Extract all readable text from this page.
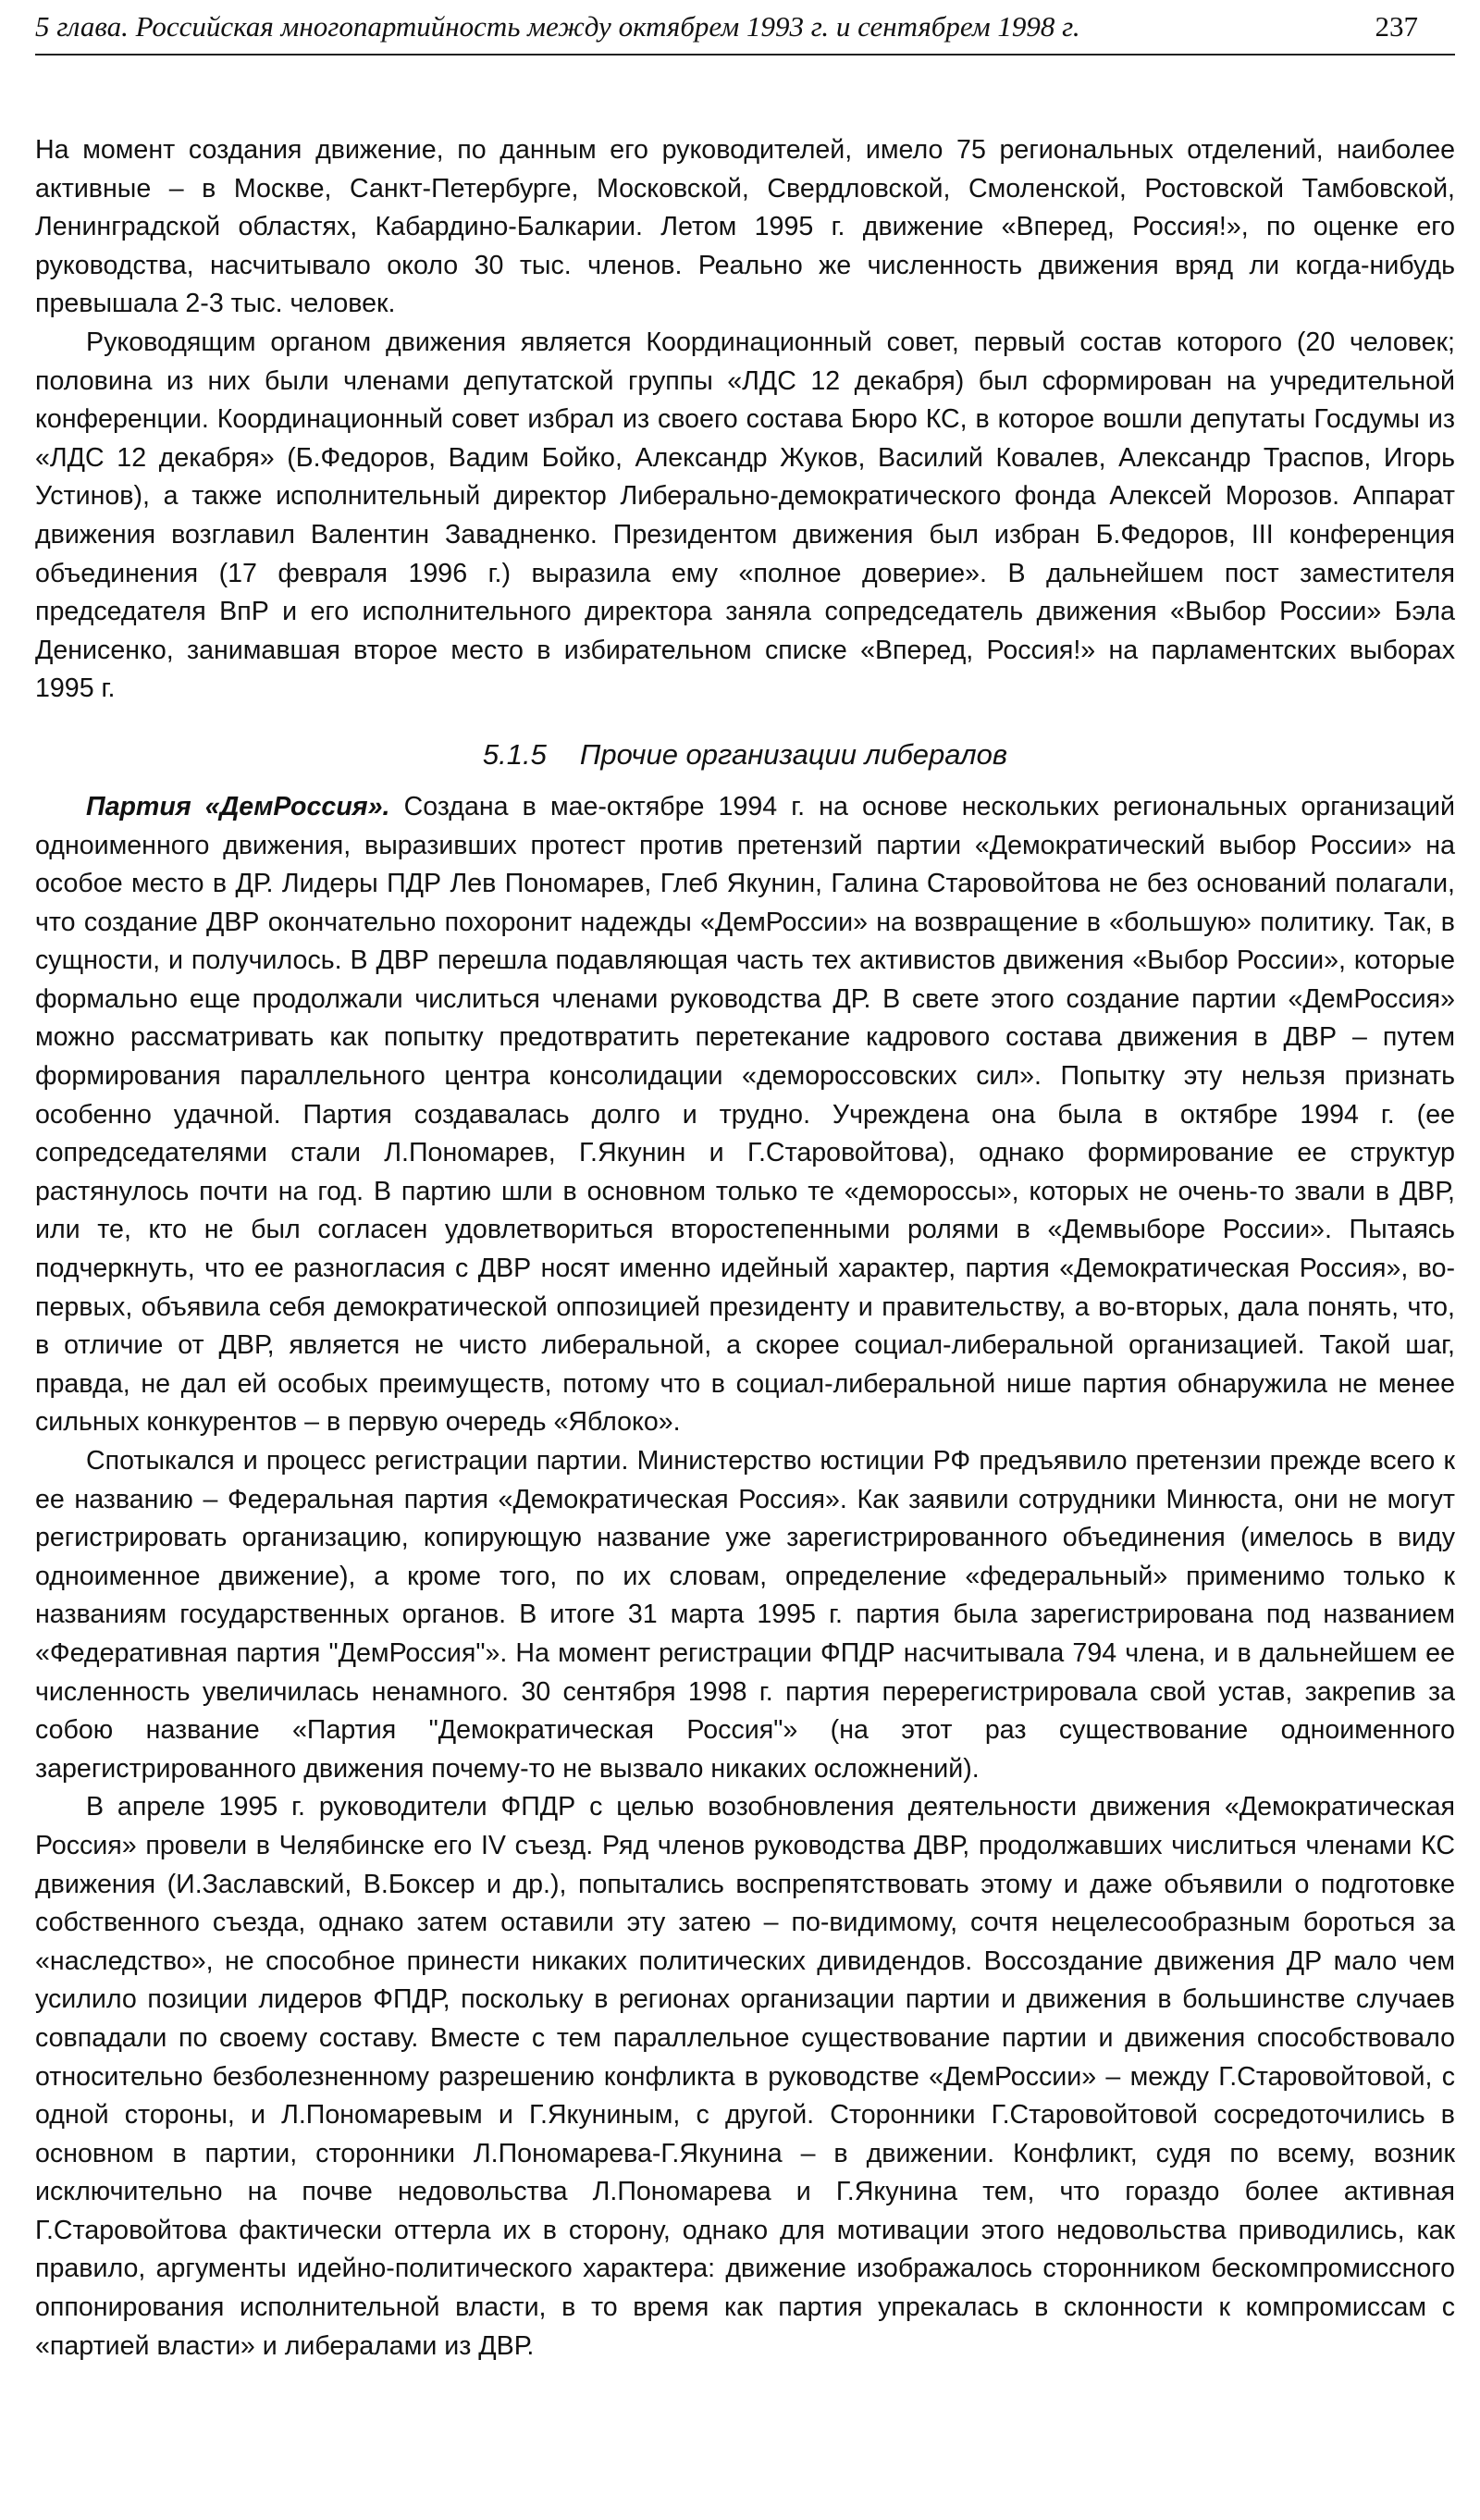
5 глава. Российская многопартийность между октябрем 1993 г. и сентябрем 1998 г.	237

На момент создания движение, по данным его руководителей, имело 75 региональных отделений, наиболее активные – в Москве, Санкт-Петербурге, Московской, Свердловской, Смоленской, Ростовской Тамбовской, Ленинградской областях, Кабардино-Балкарии. Летом 1995 г. движение «Вперед, Россия!», по оценке его руководства, насчитывало около 30 тыс. членов. Реально же численность движения вряд ли когда-нибудь превышала 2-3 тыс. человек.

Руководящим органом движения является Координационный совет, первый состав которого (20 человек; половина из них были членами депутатской группы «ЛДС 12 декабря) был сформирован на учредительной конференции. Координационный совет избрал из своего состава Бюро КС, в которое вошли депутаты Госдумы из «ЛДС 12 декабря» (Б.Федоров, Вадим Бойко, Александр Жуков, Василий Ковалев, Александр Траспов, Игорь Устинов), а также исполнительный директор Либерально-демократического фонда Алексей Морозов. Аппарат движения возглавил Валентин Завадненко. Президентом движения был избран Б.Федоров, III конференция объединения (17 февраля 1996 г.) выразила ему «полное доверие». В дальнейшем пост заместителя председателя ВпР и его исполнительного директора заняла сопредседатель движения «Выбор России» Бэла Денисенко, занимавшая второе место в избирательном списке «Вперед, Россия!» на парламентских выборах 1995 г.

5.1.5 Прочие организации либералов

Партия «ДемРоссия». Создана в мае-октябре 1994 г. на основе нескольких региональных организаций одноименного движения, выразивших протест против претензий партии «Демократический выбор России» на особое место в ДР. Лидеры ПДР Лев Пономарев, Глеб Якунин, Галина Старовойтова не без оснований полагали, что создание ДВР окончательно похоронит надежды «ДемРоссии» на возвращение в «большую» политику. Так, в сущности, и получилось. В ДВР перешла подавляющая часть тех активистов движения «Выбор России», которые формально еще продолжали числиться членами руководства ДР. В свете этого создание партии «ДемРоссия» можно рассматривать как попытку предотвратить перетекание кадрового состава движения в ДВР – путем формирования параллельного центра консолидации «демороссовских сил». Попытку эту нельзя признать особенно удачной. Партия создавалась долго и трудно. Учреждена она была в октябре 1994 г. (ее сопредседателями стали Л.Пономарев, Г.Якунин и Г.Старовойтова), однако формирование ее структур растянулось почти на год. В партию шли в основном только те «демороссы», которых не очень-то звали в ДВР, или те, кто не был согласен удовлетвориться второстепенными ролями в «Демвыборе России». Пытаясь подчеркнуть, что ее разногласия с ДВР носят именно идейный характер, партия «Демократическая Россия», во-первых, объявила себя демократической оппозицией президенту и правительству, а во-вторых, дала понять, что, в отличие от ДВР, является не чисто либеральной, а скорее социал-либеральной организацией. Такой шаг, правда, не дал ей особых преимуществ, потому что в социал-либеральной нише партия обнаружила не менее сильных конкурентов – в первую очередь «Яблоко».

Спотыкался и процесс регистрации партии. Министерство юстиции РФ предъявило претензии прежде всего к ее названию – Федеральная партия «Демократическая Россия». Как заявили сотрудники Минюста, они не могут регистрировать организацию, копирующую название уже зарегистрированного объединения (имелось в виду одноименное движение), а кроме того, по их словам, определение «федеральный» применимо только к названиям государственных органов. В итоге 31 марта 1995 г. партия была зарегистрирована под названием «Федеративная партия "ДемРоссия"». На момент регистрации ФПДР насчитывала 794 члена, и в дальнейшем ее численность увеличилась ненамного. 30 сентября 1998 г. партия перерегистрировала свой устав, закрепив за собою название «Партия "Демократическая Россия"» (на этот раз существование одноименного зарегистрированного движения почему-то не вызвало никаких осложнений).

В апреле 1995 г. руководители ФПДР с целью возобновления деятельности движения «Демократическая Россия» провели в Челябинске его IV съезд. Ряд членов руководства ДВР, продолжавших числиться членами КС движения (И.Заславский, В.Боксер и др.), попытались воспрепятствовать этому и даже объявили о подготовке собственного съезда, однако затем оставили эту затею – по-видимому, сочтя нецелесообразным бороться за «наследство», не способное принести никаких политических дивидендов. Воссоздание движения ДР мало чем усилило позиции лидеров ФПДР, поскольку в регионах организации партии и движения в большинстве случаев совпадали по своему составу. Вместе с тем параллельное существование партии и движения способствовало относительно безболезненному разрешению конфликта в руководстве «ДемРоссии» – между Г.Старовойтовой, с одной стороны, и Л.Пономаревым и Г.Якуниным, с другой. Сторонники Г.Старовойтовой сосредоточились в основном в партии, сторонники Л.Пономарева-Г.Якунина – в движении. Конфликт, судя по всему, возник исключительно на почве недовольства Л.Пономарева и Г.Якунина тем, что гораздо более активная Г.Старовойтова фактически оттерла их в сторону, однако для мотивации этого недовольства приводились, как правило, аргументы идейно-политического характера: движение изображалось сторонником бескомпромиссного оппонирования исполнительной власти, в то время как партия упрекалась в склонности к компромиссам с «партией власти» и либералами из ДВР.
